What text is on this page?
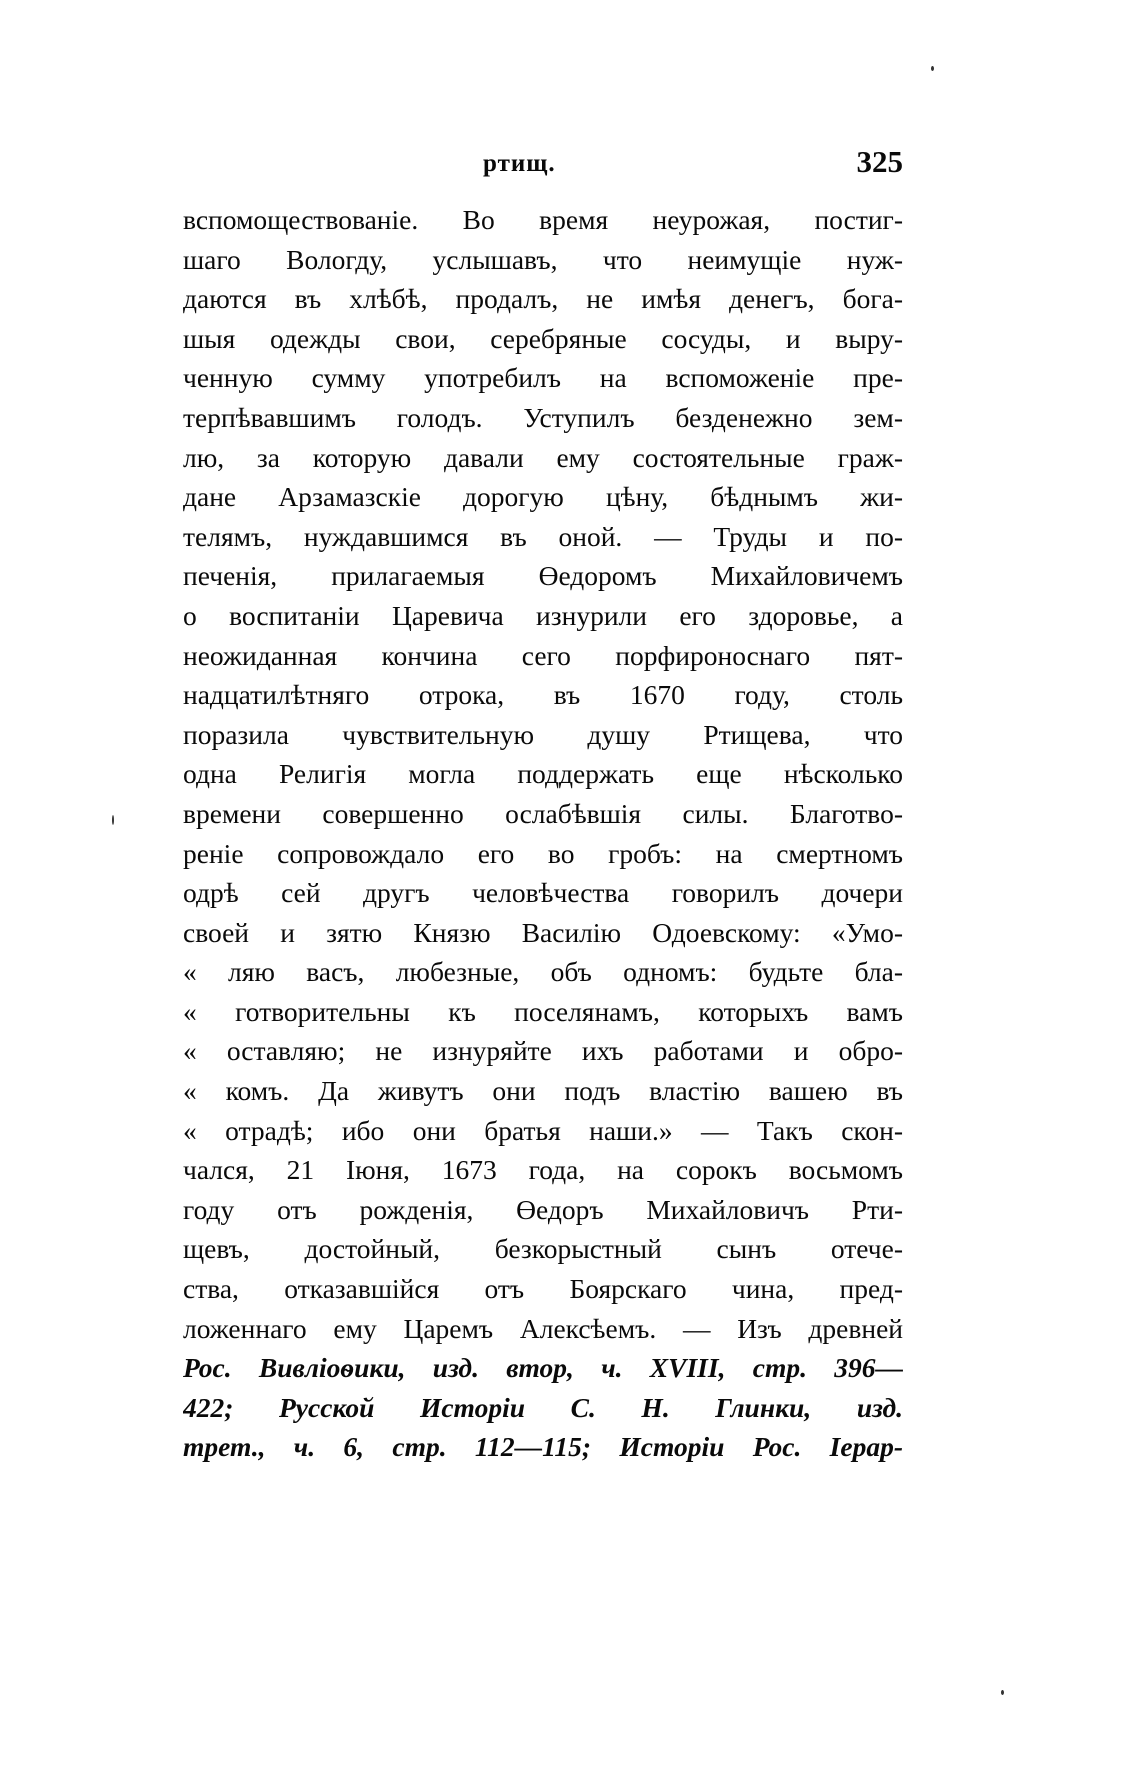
ртищ.	325
вспомоществованіе. Во время неурожая, постиг-
шаго Вологду, услышавъ, что неимущіе нуж-
даются въ хлѣбѣ, продалъ, не имѣя денегъ, бога-
шыя одежды свои, серебряные сосуды, и выру-
ченную сумму употребилъ на вспоможеніе пре-
терпѣвавшимъ голодъ. Уступилъ безденежно зем-
лю, за которую давали ему состоятельные граж-
дане Арзамазскіе дорогую цѣну, бѣднымъ жи-
телямъ, нуждавшимся въ оной. — Труды и по-
печенія, прилагаемыя Өедоромъ Михайловичемъ
о воспитаніи Царевича изнурили его здоровье, а
неожиданная кончина сего порфироноснаго пят-
надцатилѣтняго отрока, въ 1670 году, столь
поразила чувствительную душу Ртищева, что
одна Религія могла поддержать еще нѣсколько
времени совершенно ослабѣвшія силы. Благотво-
реніе сопровождало его во гробъ: на смертномъ
одрѣ сей другъ человѣчества говорилъ дочери
своей и зятю Князю Василію Одоевскому: «Умо-
« ляю васъ, любезные, объ одномъ: будьте бла-
« готворительны къ поселянамъ, которыхъ вамъ
« оставляю; не изнуряйте ихъ работами и обро-
« комъ. Да живутъ они подъ властію вашею въ
« отрадѣ; ибо они братья наши.» — Такъ скон-
чался, 21 Іюня, 1673 года, на сорокъ восьмомъ
году отъ рожденія, Өедоръ Михайловичъ Рти-
щевъ, достойный, безкорыстный сынъ отече-
ства, отказавшійся отъ Боярскаго чина, пред-
ложеннаго ему Царемъ Алексѣемъ. — Изъ древней
Рос. Вивліоѳики, изд. втор, ч. XVIII, стр. 396—
422; Русской Исторіи С. Н. Глинки, изд.
трет., ч. 6, стр. 112—115; Исторіи Рос. Іерар-
